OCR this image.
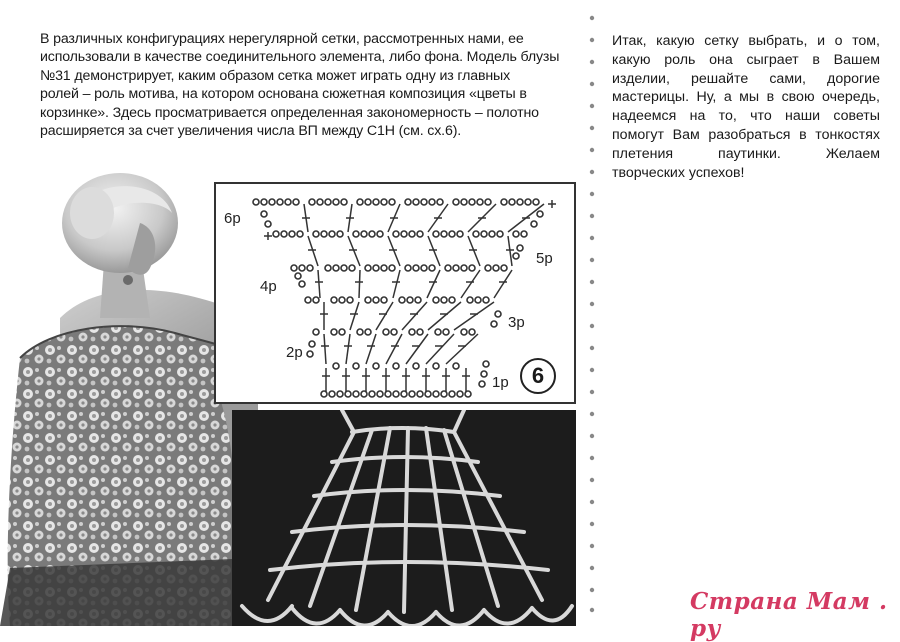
В различных конфигурациях нерегулярной сетки, рассмотренных нами, ее
использовали в качестве соединительного элемента, либо фона. Модель блузы
№31 демонстрирует, каким образом сетка может играть одну из главных
ролей – роль мотива, на котором основана сюжетная композиция «цветы в
корзинке». Здесь просматривается определенная закономерность – полотно
расширяется за счет увеличения числа ВП между С1Н (см. сх.6).
Итак, какую сетку выбрать, и о том,
какую роль она сыграет в Вашем
изделии, решайте сами, дорогие
мастерицы. Ну, а мы в свою очередь,
надеемся на то, что наши советы
помогут Вам разобраться в тонкостях
плетения паутинки. Желаем
творческих успехов!
6р
5р
4р
3р
2р
1р	6
Страна Мам . ру
